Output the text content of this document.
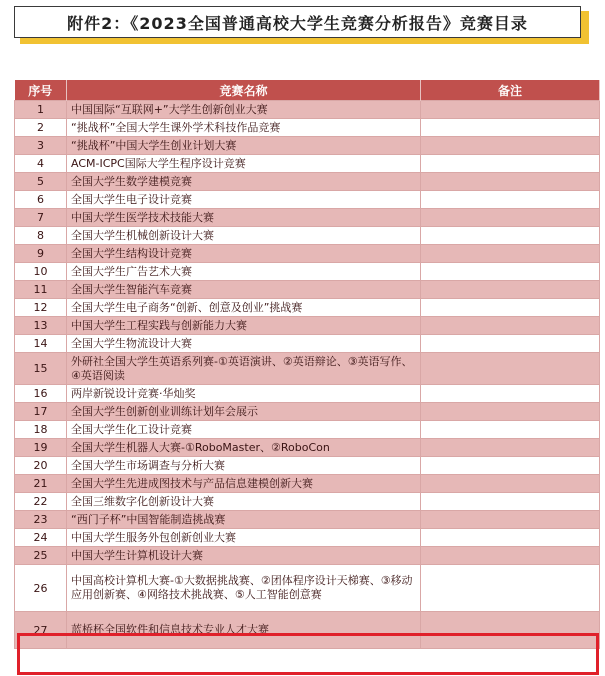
附件2：《2023全国普通高校大学生竞赛分析报告》竞赛目录
序号	竞赛名称	备注
1	中国国际“互联网+”大学生创新创业大赛	
2	“挑战杯”全国大学生课外学术科技作品竞赛	
3	“挑战杯”中国大学生创业计划大赛	
4	ACM-ICPC国际大学生程序设计竞赛	
5	全国大学生数学建模竞赛	
6	全国大学生电子设计竞赛	
7	中国大学生医学技术技能大赛	
8	全国大学生机械创新设计大赛	
9	全国大学生结构设计竞赛	
10	全国大学生广告艺术大赛	
11	全国大学生智能汽车竞赛	
12	全国大学生电子商务“创新、创意及创业”挑战赛	
13	中国大学生工程实践与创新能力大赛	
14	全国大学生物流设计大赛	
15	外研社全国大学生英语系列赛-①英语演讲、②英语辩论、③英语写作、④英语阅读	
16	两岸新锐设计竞赛·华灿奖	
17	全国大学生创新创业训练计划年会展示	
18	全国大学生化工设计竞赛	
19	全国大学生机器人大赛-①RoboMaster、②RoboCon	
20	全国大学生市场调查与分析大赛	
21	全国大学生先进成图技术与产品信息建模创新大赛	
22	全国三维数字化创新设计大赛	
23	“西门子杯”中国智能制造挑战赛	
24	中国大学生服务外包创新创业大赛	
25	中国大学生计算机设计大赛	
26	中国高校计算机大赛-①大数据挑战赛、②团体程序设计天梯赛、③移动应用创新赛、④网络技术挑战赛、⑤人工智能创意赛	
27	蓝桥杯全国软件和信息技术专业人才大赛	
